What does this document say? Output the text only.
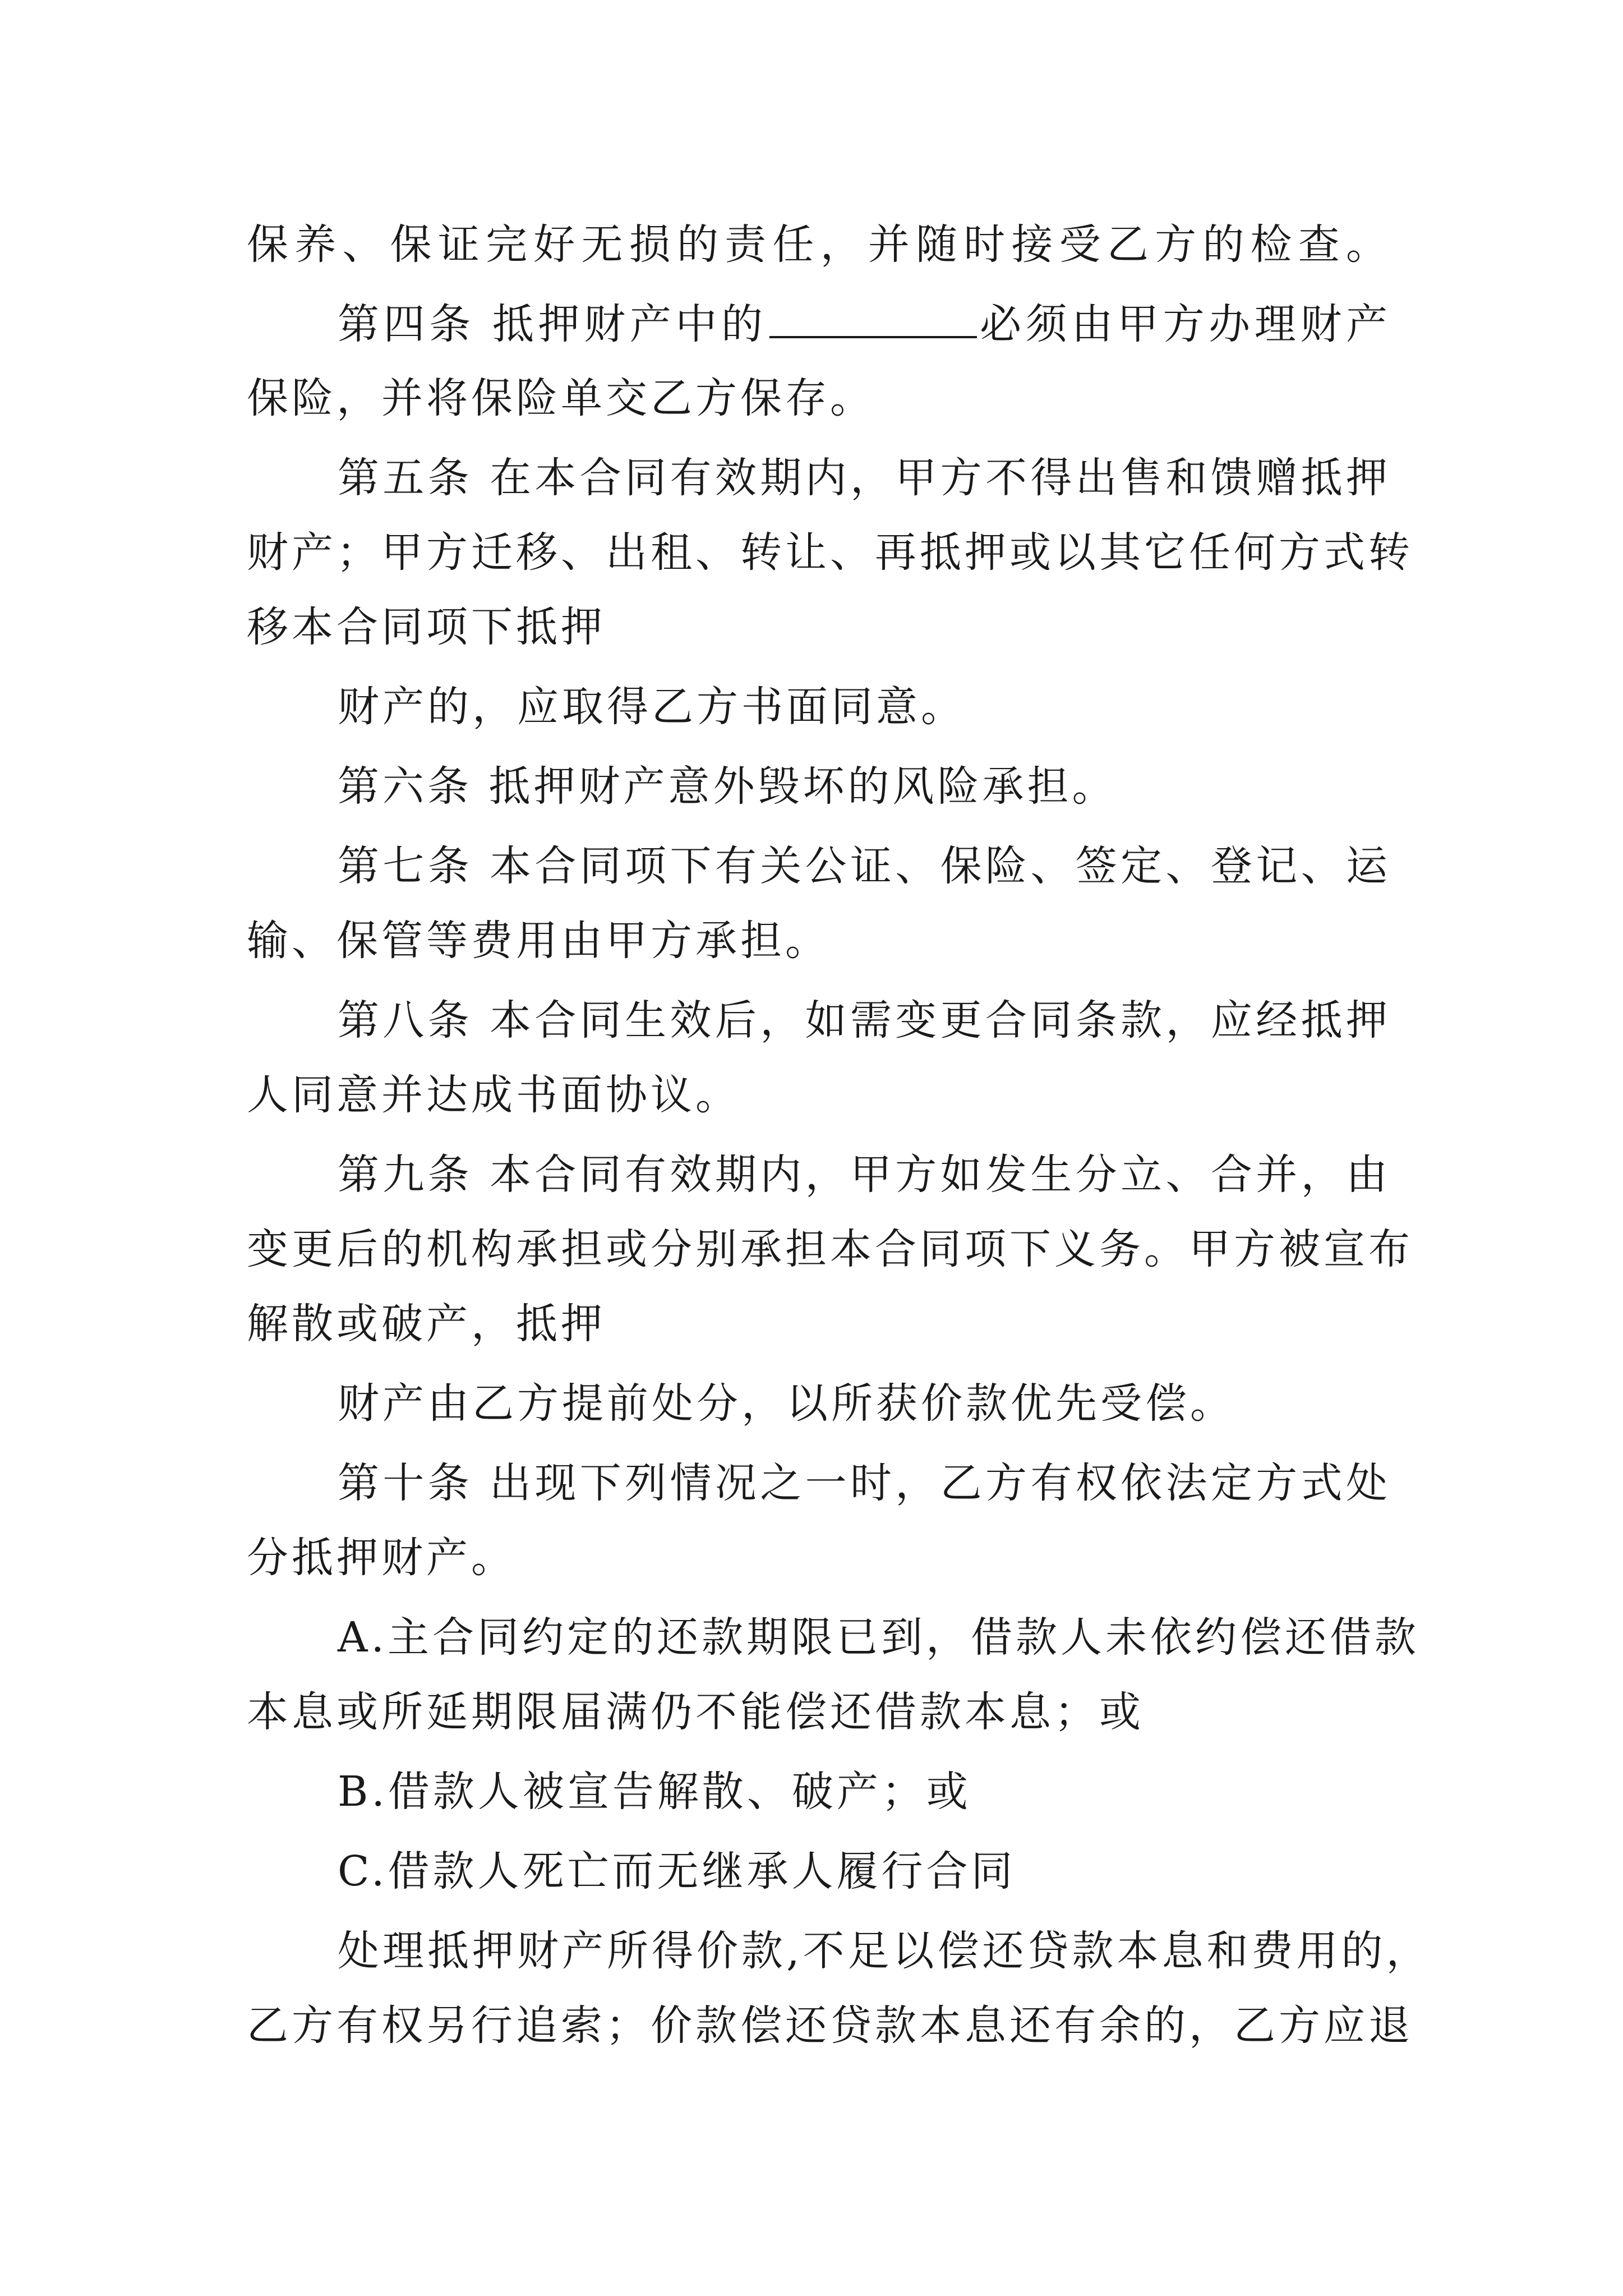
保养、保证完好无损的责任，并随时接受乙方的检查。
第四条 抵押财产中的	必须由甲方办理财产
保险，并将保险单交乙方保存。
第五条 在本合同有效期内，甲方不得出售和馈赠抵押
财产；甲方迁移、出租、转让、再抵押或以其它任何方式转
移本合同项下抵押
财产的，应取得乙方书面同意。
第六条 抵押财产意外毁坏的风险承担。
第七条 本合同项下有关公证、保险、签定、登记、运
输、保管等费用由甲方承担。
第八条 本合同生效后，如需变更合同条款，应经抵押
人同意并达成书面协议。
第九条 本合同有效期内，甲方如发生分立、合并，由
变更后的机构承担或分别承担本合同项下义务。甲方被宣布
解散或破产，抵押
财产由乙方提前处分，以所获价款优先受偿。
第十条 出现下列情况之一时，乙方有权依法定方式处
分抵押财产。
A.主合同约定的还款期限已到，借款人未依约偿还借款
本息或所延期限届满仍不能偿还借款本息；或
B.借款人被宣告解散、破产；或
C.借款人死亡而无继承人履行合同
处理抵押财产所得价款,不足以偿还贷款本息和费用的，
乙方有权另行追索；价款偿还贷款本息还有余的，乙方应退
